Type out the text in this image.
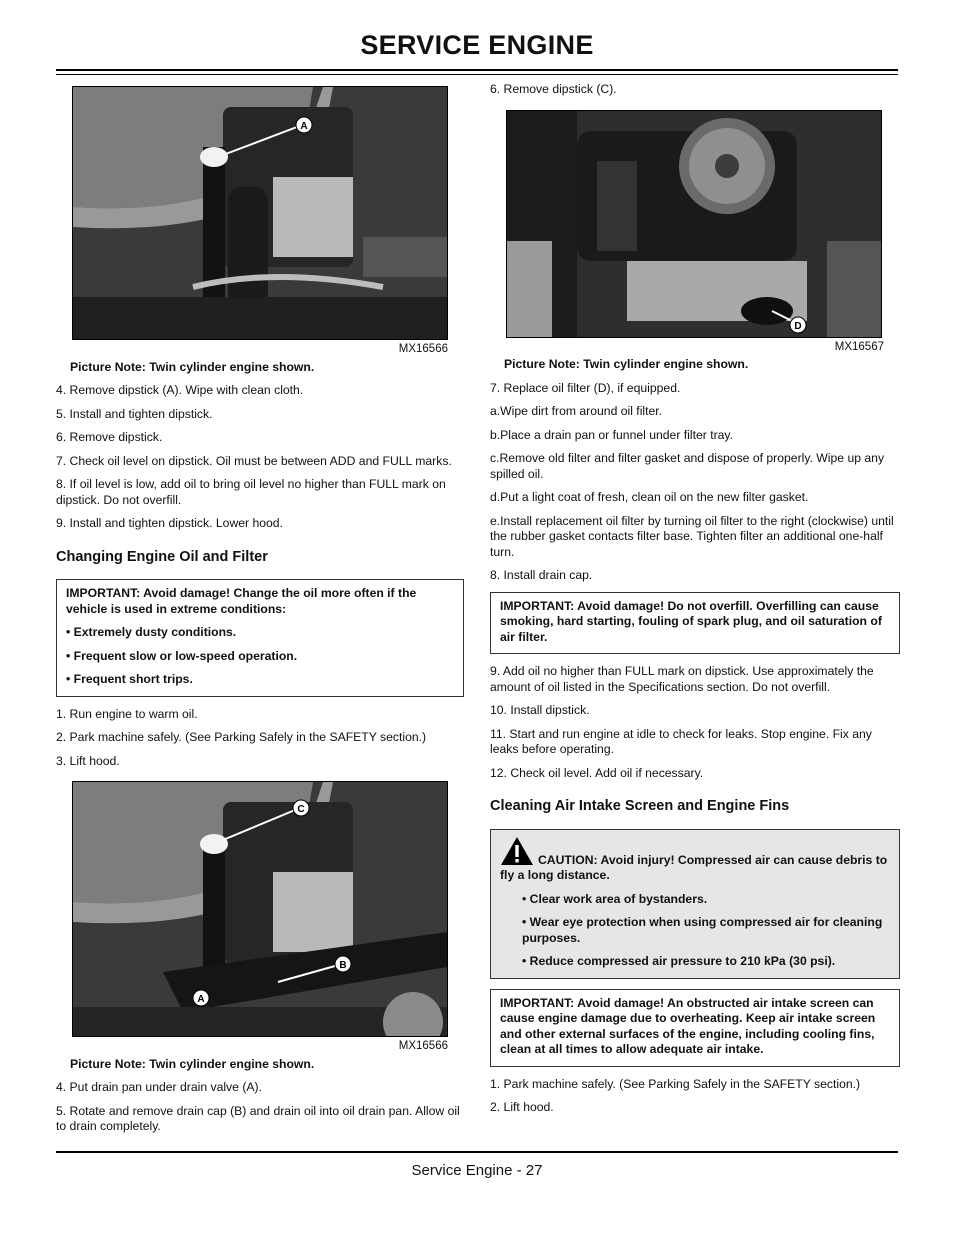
SERVICE ENGINE
A
MX16566
Picture Note: Twin cylinder engine shown.

4. Remove dipstick (A). Wipe with clean cloth.

5. Install and tighten dipstick.

6. Remove dipstick.

7. Check oil level on dipstick. Oil must be between ADD and FULL marks.

8. If oil level is low, add oil to bring oil level no higher than FULL mark on dipstick. Do not overfill.

9. Install and tighten dipstick. Lower hood.

Changing Engine Oil and Filter

IMPORTANT: Avoid damage! Change the oil more often if the vehicle is used in extreme conditions:

• Extremely dusty conditions.

• Frequent slow or low-speed operation.

• Frequent short trips.

1. Run engine to warm oil.

2. Park machine safely. (See Parking Safely in the SAFETY section.)

3. Lift hood.

C
B
A
MX16566
Picture Note: Twin cylinder engine shown.

4. Put drain pan under drain valve (A).

5. Rotate and remove drain cap (B) and drain oil into oil drain pan. Allow oil to drain completely.

6. Remove dipstick (C).

D
MX16567
Picture Note: Twin cylinder engine shown.

7. Replace oil filter (D), if equipped.

a.Wipe dirt from around oil filter.

b.Place a drain pan or funnel under filter tray.

c.Remove old filter and filter gasket and dispose of properly. Wipe up any spilled oil.

d.Put a light coat of fresh, clean oil on the new filter gasket.

e.Install replacement oil filter by turning oil filter to the right (clockwise) until the rubber gasket contacts filter base. Tighten filter an additional one-half turn.

8. Install drain cap.

IMPORTANT: Avoid damage! Do not overfill. Overfilling can cause smoking, hard starting, fouling of spark plug, and oil saturation of air filter.

9. Add oil no higher than FULL mark on dipstick. Use approximately the amount of oil listed in the Specifications section. Do not overfill.

10. Install dipstick.

11. Start and run engine at idle to check for leaks. Stop engine. Fix any leaks before operating.

12. Check oil level. Add oil if necessary.

Cleaning Air Intake Screen and Engine Fins

CAUTION: Avoid injury! Compressed air can cause debris to fly a long distance.

• Clear work area of bystanders.

• Wear eye protection when using compressed air for cleaning purposes.

• Reduce compressed air pressure to 210 kPa (30 psi).

IMPORTANT: Avoid damage! An obstructed air intake screen can cause engine damage due to overheating. Keep air intake screen and other external surfaces of the engine, including cooling fins, clean at all times to allow adequate air intake.

1. Park machine safely. (See Parking Safely in the SAFETY section.)

2. Lift hood.

Service Engine - 27
